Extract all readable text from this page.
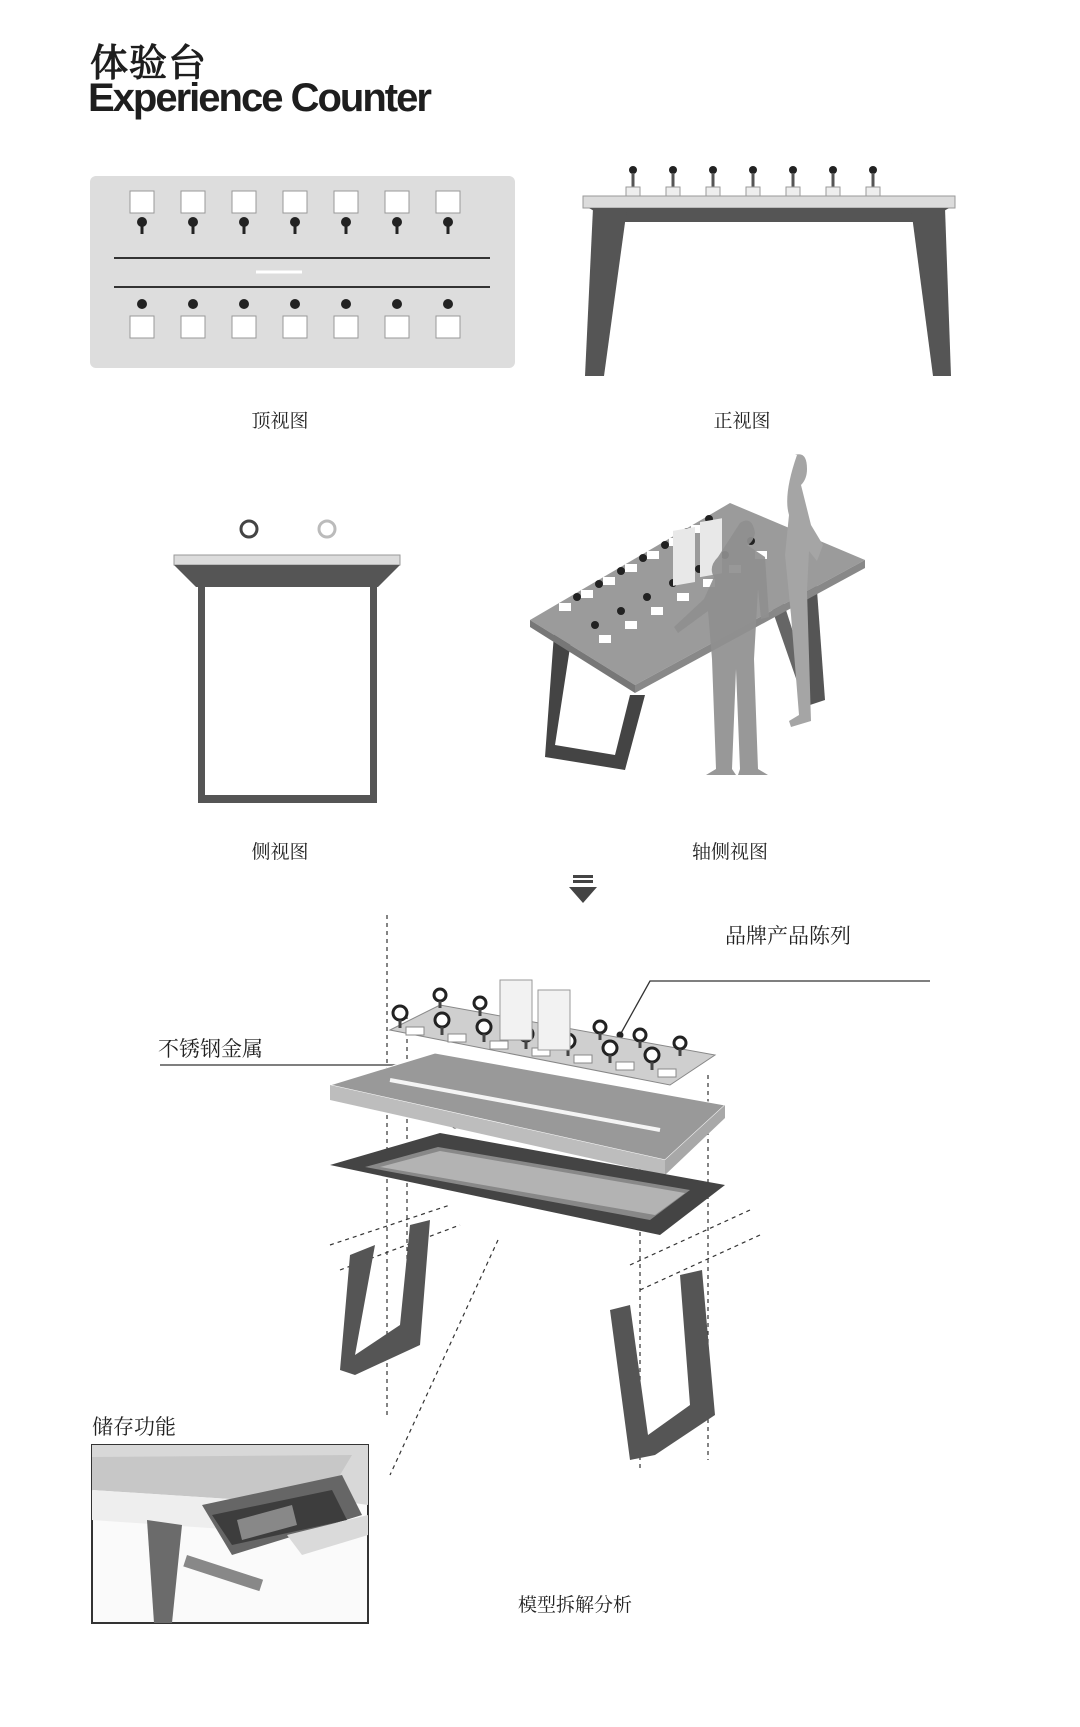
体验台
Experience Counter
顶视图	正视图
侧视图	轴侧视图
品牌产品陈列
不锈钢金属
储存功能
模型拆解分析
